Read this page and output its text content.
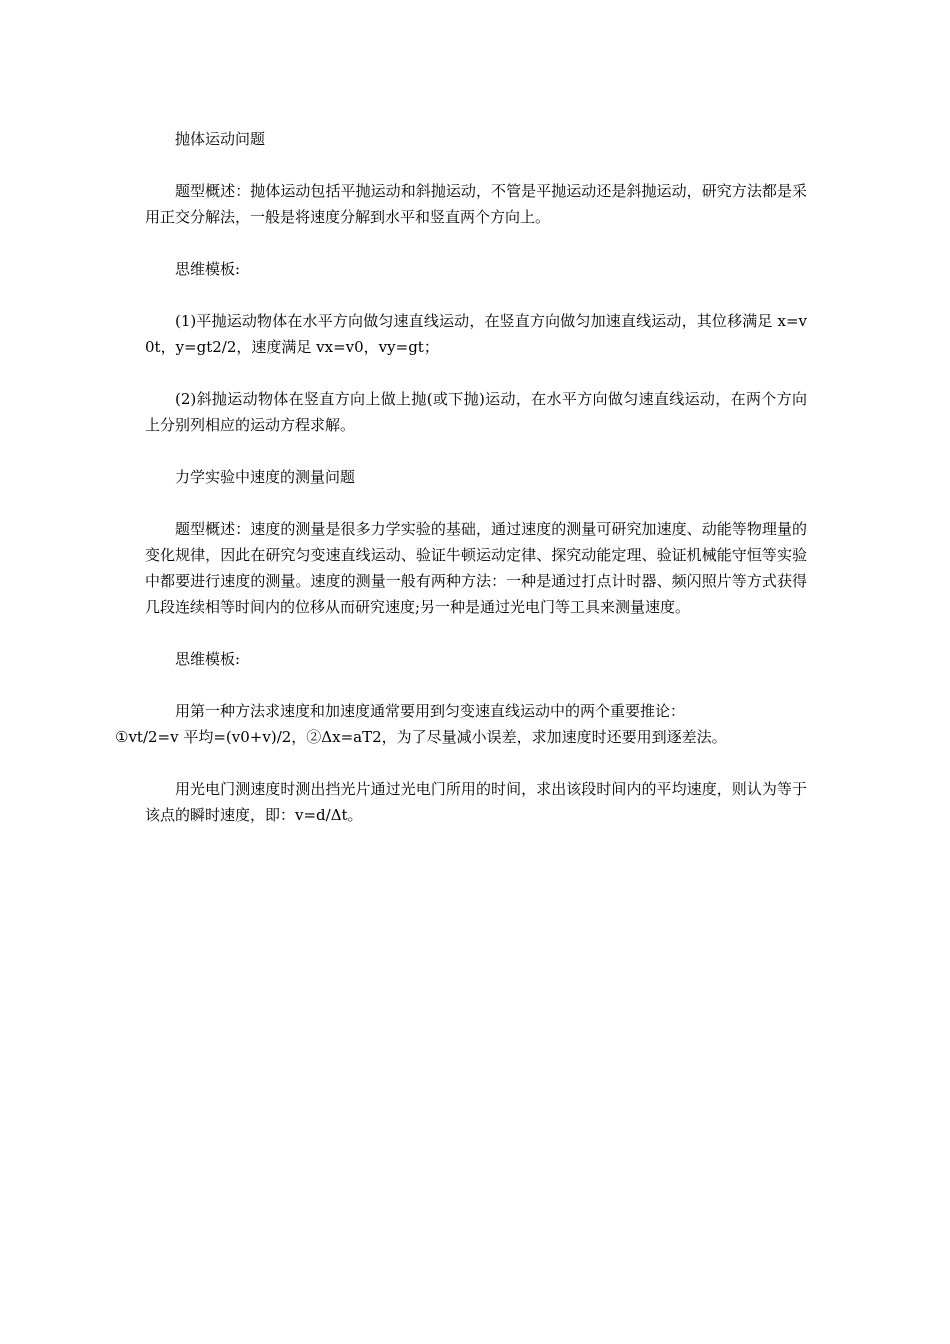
抛体运动问题

题型概述：抛体运动包括平抛运动和斜抛运动，不管是平抛运动还是斜抛运动，研究方法都是采用正交分解法，一般是将速度分解到水平和竖直两个方向上。

思维模板:

(1)平抛运动物体在水平方向做匀速直线运动，在竖直方向做匀加速直线运动，其位移满足 x=v0t，y=gt2/2，速度满足 vx=v0，vy=gt；

(2)斜抛运动物体在竖直方向上做上抛(或下抛)运动，在水平方向做匀速直线运动，在两个方向上分别列相应的运动方程求解。

力学实验中速度的测量问题

题型概述：速度的测量是很多力学实验的基础，通过速度的测量可研究加速度、动能等物理量的变化规律，因此在研究匀变速直线运动、验证牛顿运动定律、探究动能定理、验证机械能守恒等实验中都要进行速度的测量。速度的测量一般有两种方法：一种是通过打点计时器、频闪照片等方式获得几段连续相等时间内的位移从而研究速度;另一种是通过光电门等工具来测量速度。

思维模板:

用第一种方法求速度和加速度通常要用到匀变速直线运动中的两个重要推论：
①vt/2=v 平均=(v0+v)/2，②Δx=aT2，为了尽量减小误差，求加速度时还要用到逐差法。

用光电门测速度时测出挡光片通过光电门所用的时间，求出该段时间内的平均速度，则认为等于该点的瞬时速度，即：v=d/Δt。
